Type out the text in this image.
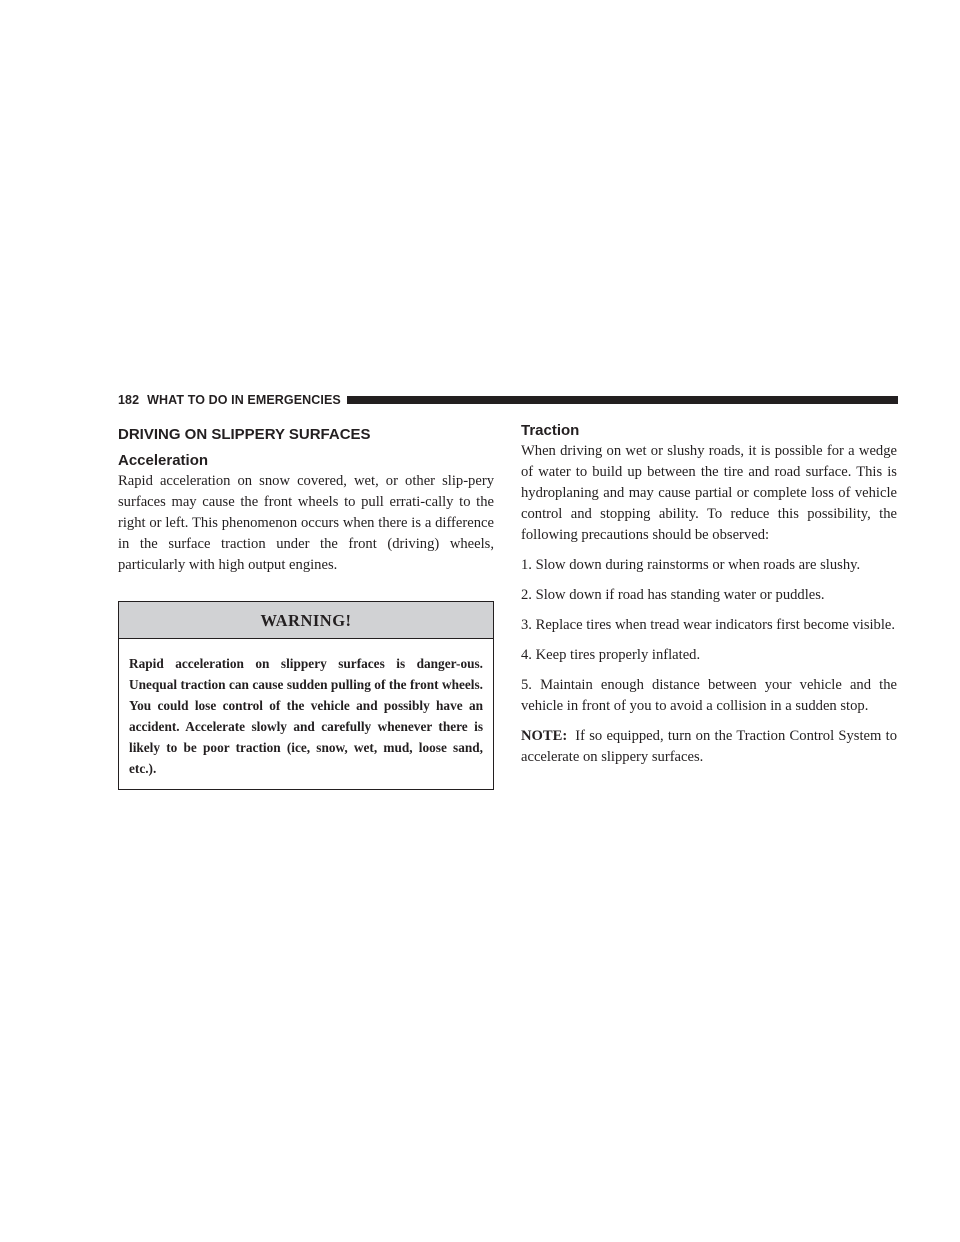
182 WHAT TO DO IN EMERGENCIES
DRIVING ON SLIPPERY SURFACES
Acceleration

Rapid acceleration on snow covered, wet, or other slip-pery surfaces may cause the front wheels to pull errati-cally to the right or left. This phenomenon occurs when there is a difference in the surface traction under the front (driving) wheels, particularly with high output engines.

WARNING!
Rapid acceleration on slippery surfaces is danger-ous. Unequal traction can cause sudden pulling of the front wheels. You could lose control of the vehicle and possibly have an accident. Accelerate slowly and carefully whenever there is likely to be poor traction (ice, snow, wet, mud, loose sand, etc.).
Traction

When driving on wet or slushy roads, it is possible for a wedge of water to build up between the tire and road surface. This is hydroplaning and may cause partial or complete loss of vehicle control and stopping ability. To reduce this possibility, the following precautions should be observed:

1. Slow down during rainstorms or when roads are slushy.

2. Slow down if road has standing water or puddles.

3. Replace tires when tread wear indicators first become visible.

4. Keep tires properly inflated.

5. Maintain enough distance between your vehicle and the vehicle in front of you to avoid a collision in a sudden stop.

NOTE: If so equipped, turn on the Traction Control System to accelerate on slippery surfaces.
